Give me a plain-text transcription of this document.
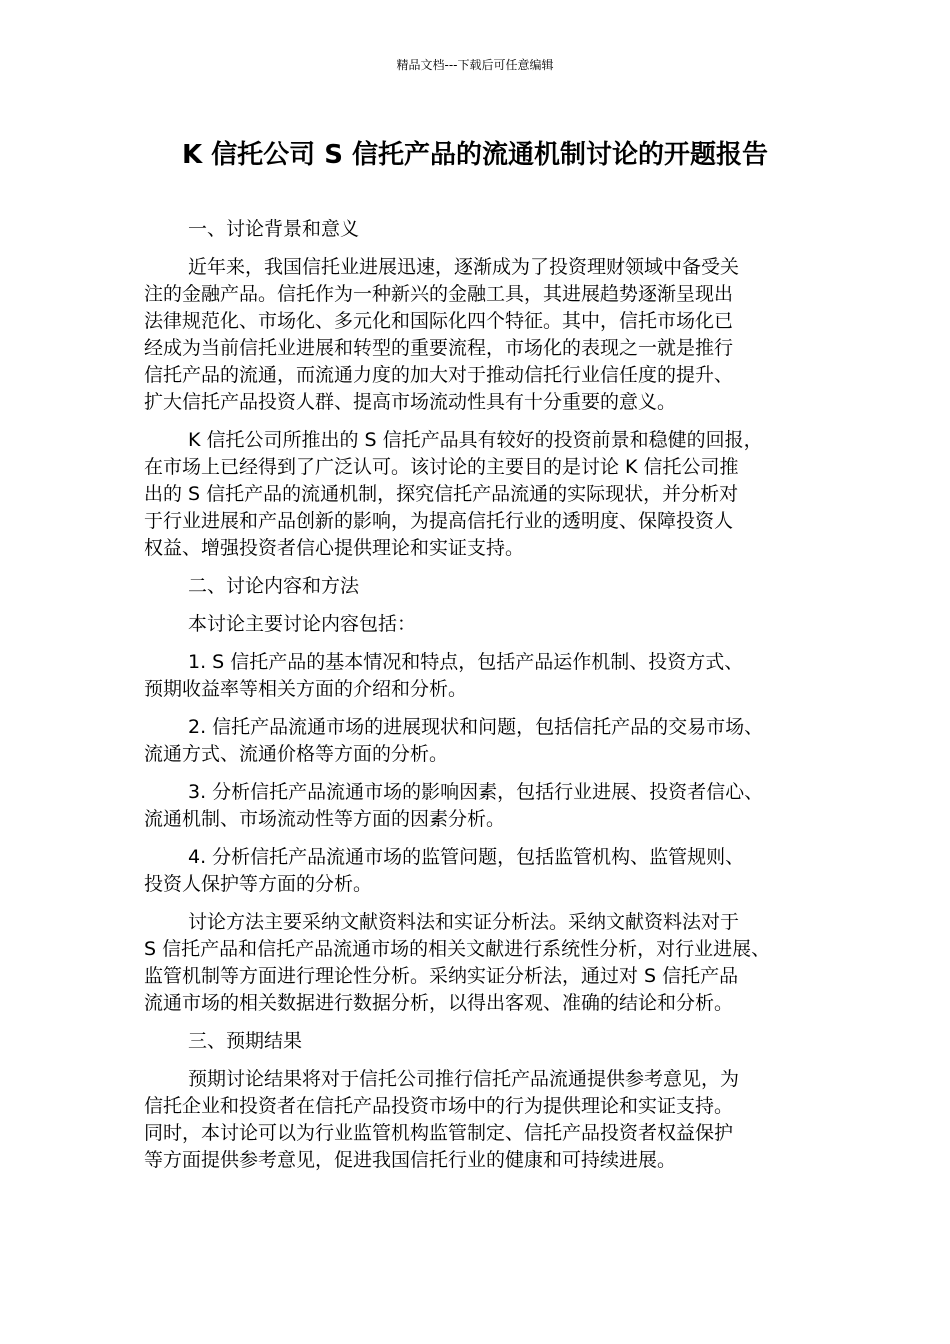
精品文档---下载后可任意编辑
K 信托公司 S 信托产品的流通机制讨论的开题报告
一、讨论背景和意义
近年来，我国信托业进展迅速，逐渐成为了投资理财领域中备受关
注的金融产品。信托作为一种新兴的金融工具，其进展趋势逐渐呈现出
法律规范化、市场化、多元化和国际化四个特征。其中，信托市场化已
经成为当前信托业进展和转型的重要流程，市场化的表现之一就是推行
信托产品的流通，而流通力度的加大对于推动信托行业信任度的提升、
扩大信托产品投资人群、提高市场流动性具有十分重要的意义。
K 信托公司所推出的 S 信托产品具有较好的投资前景和稳健的回报，
在市场上已经得到了广泛认可。该讨论的主要目的是讨论 K 信托公司推
出的 S 信托产品的流通机制，探究信托产品流通的实际现状，并分析对
于行业进展和产品创新的影响，为提高信托行业的透明度、保障投资人
权益、增强投资者信心提供理论和实证支持。
二、讨论内容和方法
本讨论主要讨论内容包括：
1. S 信托产品的基本情况和特点，包括产品运作机制、投资方式、
预期收益率等相关方面的介绍和分析。
2. 信托产品流通市场的进展现状和问题，包括信托产品的交易市场、
流通方式、流通价格等方面的分析。
3. 分析信托产品流通市场的影响因素，包括行业进展、投资者信心、
流通机制、市场流动性等方面的因素分析。
4. 分析信托产品流通市场的监管问题，包括监管机构、监管规则、
投资人保护等方面的分析。
讨论方法主要采纳文献资料法和实证分析法。采纳文献资料法对于
S 信托产品和信托产品流通市场的相关文献进行系统性分析，对行业进展、
监管机制等方面进行理论性分析。采纳实证分析法，通过对 S 信托产品
流通市场的相关数据进行数据分析，以得出客观、准确的结论和分析。
三、预期结果
预期讨论结果将对于信托公司推行信托产品流通提供参考意见，为
信托企业和投资者在信托产品投资市场中的行为提供理论和实证支持。
同时，本讨论可以为行业监管机构监管制定、信托产品投资者权益保护
等方面提供参考意见，促进我国信托行业的健康和可持续进展。
